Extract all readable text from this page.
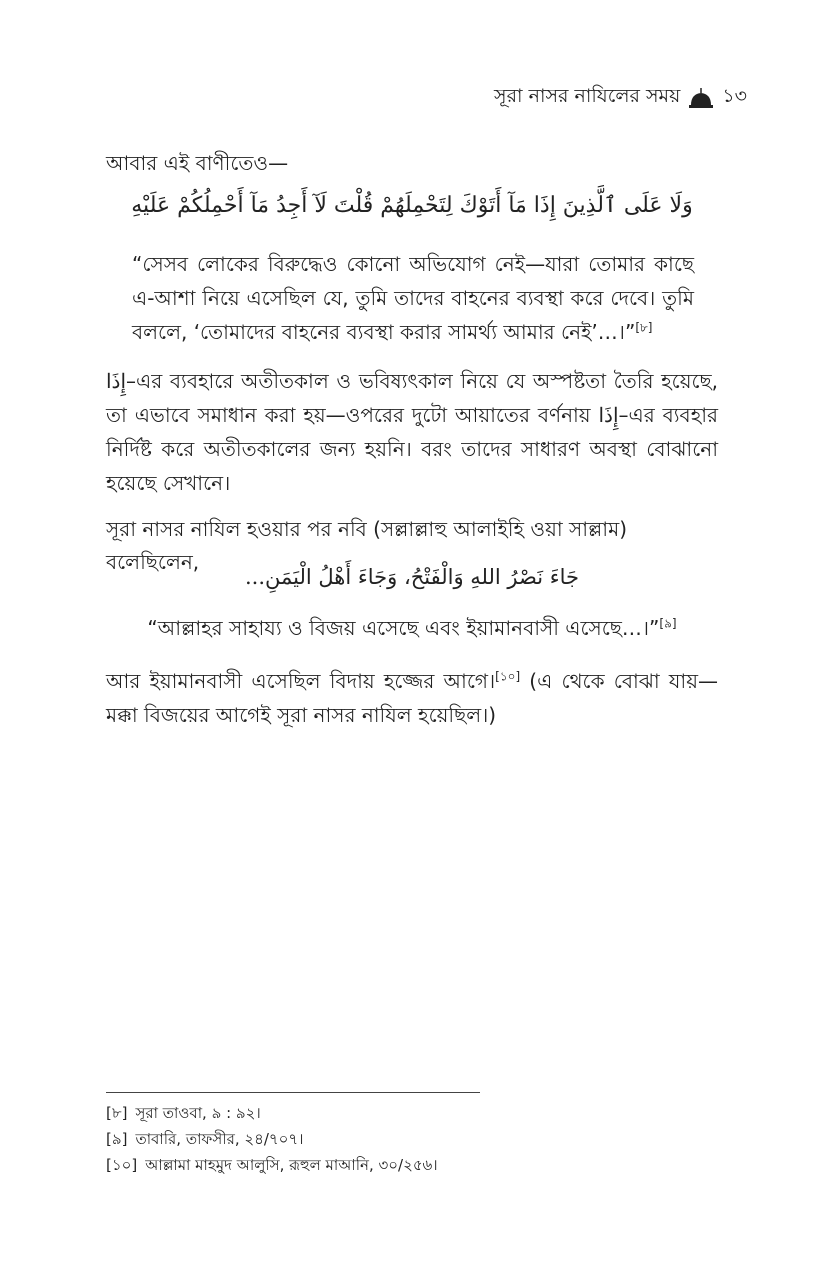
সূরা নাসর নাযিলের সময় ১৩
আবার এই বাণীতেও—
وَلَا عَلَى ٱلَّذِينَ إِذَا مَآ أَتَوْكَ لِتَحْمِلَهُمْ قُلْتَ لَآ أَجِدُ مَآ أَحْمِلُكُمْ عَلَيْهِ
“সেসব লোকের বিরুদ্ধেও কোনো অভিযোগ নেই—যারা তোমার কাছে এ-আশা নিয়ে এসেছিল যে, তুমি তাদের বাহনের ব্যবস্থা করে দেবে। তুমি বললে, ‘তোমাদের বাহনের ব্যবস্থা করার সামর্থ্য আমার নেই’…।”[৮]
إِذَا–এর ব্যবহারে অতীতকাল ও ভবিষ্যৎকাল নিয়ে যে অস্পষ্টতা তৈরি হয়েছে, তা এভাবে সমাধান করা হয়—ওপরের দুটো আয়াতের বর্ণনায় إِذَا–এর ব্যবহার নির্দিষ্ট করে অতীতকালের জন্য হয়নি। বরং তাদের সাধারণ অবস্থা বোঝানো হয়েছে সেখানে।
সূরা নাসর নাযিল হওয়ার পর নবি (সল্লাল্লাহু আলাইহি ওয়া সাল্লাম) বলেছিলেন,
جَاءَ نَصْرُ اللهِ وَالْفَتْحُ، وَجَاءَ أَهْلُ الْيَمَنِ...
“আল্লাহর সাহায্য ও বিজয় এসেছে এবং ইয়ামানবাসী এসেছে…।”[৯]
আর ইয়ামানবাসী এসেছিল বিদায় হজ্জের আগে।[১০] (এ থেকে বোঝা যায়—মক্কা বিজয়ের আগেই সূরা নাসর নাযিল হয়েছিল।)
[৮] সূরা তাওবা, ৯ : ৯২।
[৯] তাবারি, তাফসীর, ২৪/৭০৭।
[১০] আল্লামা মাহমুদ আলুসি, রূহুল মাআনি, ৩০/২৫৬।
